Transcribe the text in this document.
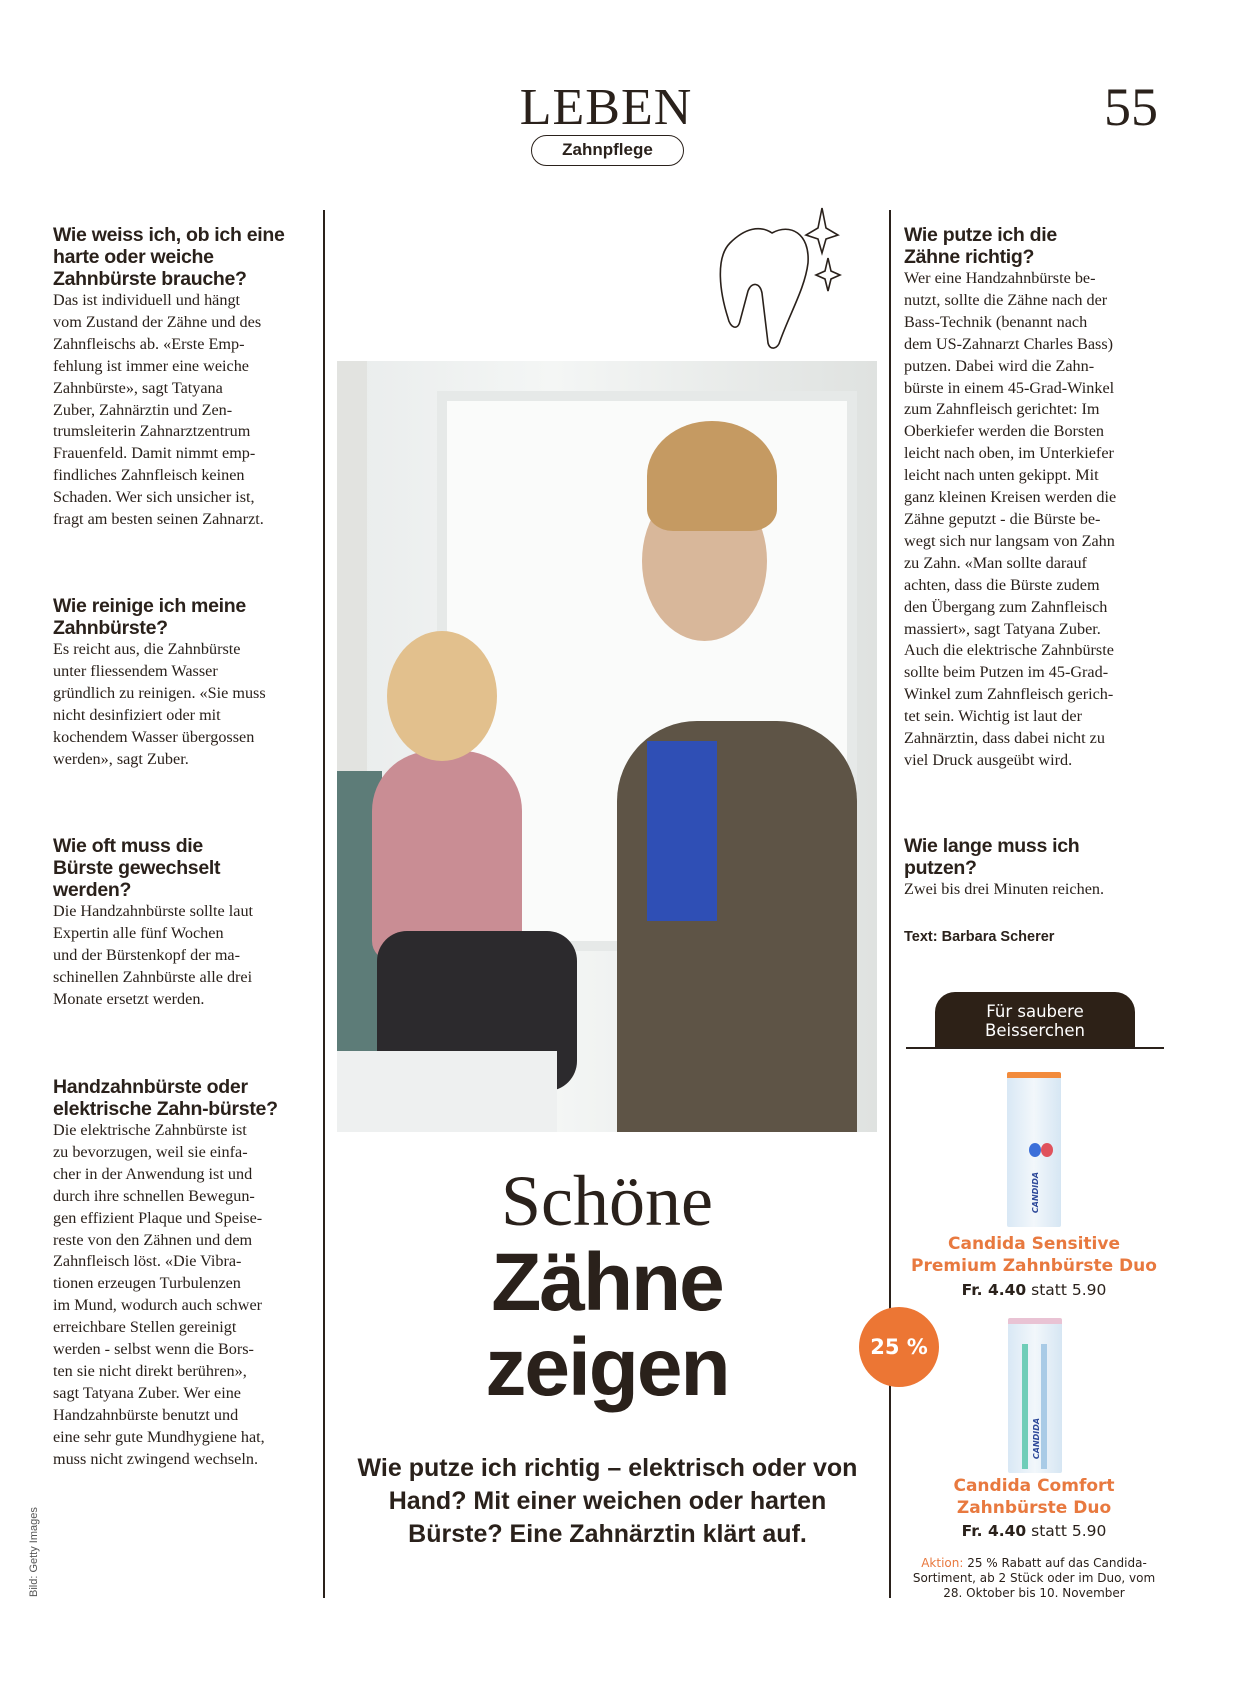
LEBEN	55
Zahnpflege
Wie weiss ich, ob ich eine harte oder weiche Zahnbürste brauche?

Das ist individuell und hängt
vom Zustand der Zähne und des
Zahnfleischs ab. «Erste Emp-
fehlung ist immer eine weiche
Zahnbürste», sagt Tatyana
Zuber, Zahnärztin und Zen-
trumsleiterin Zahnarztzentrum
Frauenfeld. Damit nimmt emp-
findliches Zahnfleisch keinen
Schaden. Wer sich unsicher ist,
fragt am besten seinen Zahnarzt.

Wie reinige ich meine Zahnbürste?

Es reicht aus, die Zahnbürste
unter fliessendem Wasser
gründlich zu reinigen. «Sie muss
nicht desinfiziert oder mit
kochendem Wasser übergossen
werden», sagt Zuber.

Wie oft muss die Bürste gewechselt werden?

Die Handzahnbürste sollte laut
Expertin alle fünf Wochen
und der Bürstenkopf der ma-
schinellen Zahnbürste alle drei
Monate ersetzt werden.

Handzahnbürste oder elektrische Zahn-bürste?

Die elektrische Zahnbürste ist
zu bevorzugen, weil sie einfa-
cher in der Anwendung ist und
durch ihre schnellen Bewegun-
gen effizient Plaque und Speise-
reste von den Zähnen und dem
Zahnfleisch löst. «Die Vibra-
tionen erzeugen Turbulenzen
im Mund, wodurch auch schwer
erreichbare Stellen gereinigt
werden - selbst wenn die Bors-
ten sie nicht direkt berühren»,
sagt Tatyana Zuber. Wer eine
Handzahnbürste benutzt und
eine sehr gute Mundhygiene hat,
muss nicht zwingend wechseln.

Schöne
Zähne
zeigen
Wie putze ich richtig – elektrisch oder von Hand? Mit einer weichen oder harten Bürste? Eine Zahnärztin klärt auf.
Bild: Getty Images
Wie putze ich die Zähne richtig?

Wer eine Handzahnbürste be-
nutzt, sollte die Zähne nach der
Bass-Technik (benannt nach
dem US-Zahnarzt Charles Bass)
putzen. Dabei wird die Zahn-
bürste in einem 45-Grad-Winkel
zum Zahnfleisch gerichtet: Im
Oberkiefer werden die Borsten
leicht nach oben, im Unterkiefer
leicht nach unten gekippt. Mit
ganz kleinen Kreisen werden die
Zähne geputzt - die Bürste be-
wegt sich nur langsam von Zahn
zu Zahn. «Man sollte darauf
achten, dass die Bürste zudem
den Übergang zum Zahnfleisch
massiert», sagt Tatyana Zuber.
Auch die elektrische Zahnbürste
sollte beim Putzen im 45-Grad-
Winkel zum Zahnfleisch gerich-
tet sein. Wichtig ist laut der
Zahnärztin, dass dabei nicht zu
viel Druck ausgeübt wird.

Wie lange muss ich putzen?

Zwei bis drei Minuten reichen.

Text: Barbara Scherer
Für saubere Beisserchen
CANDIDA
Candida Sensitive Premium Zahnbürste Duo
Fr. 4.40 statt 5.90
25 %
CANDIDA
Candida Comfort Zahnbürste Duo
Fr. 4.40 statt 5.90
Aktion: 25 % Rabatt auf das Candida-Sortiment, ab 2 Stück oder im Duo, vom 28. Oktober bis 10. November
